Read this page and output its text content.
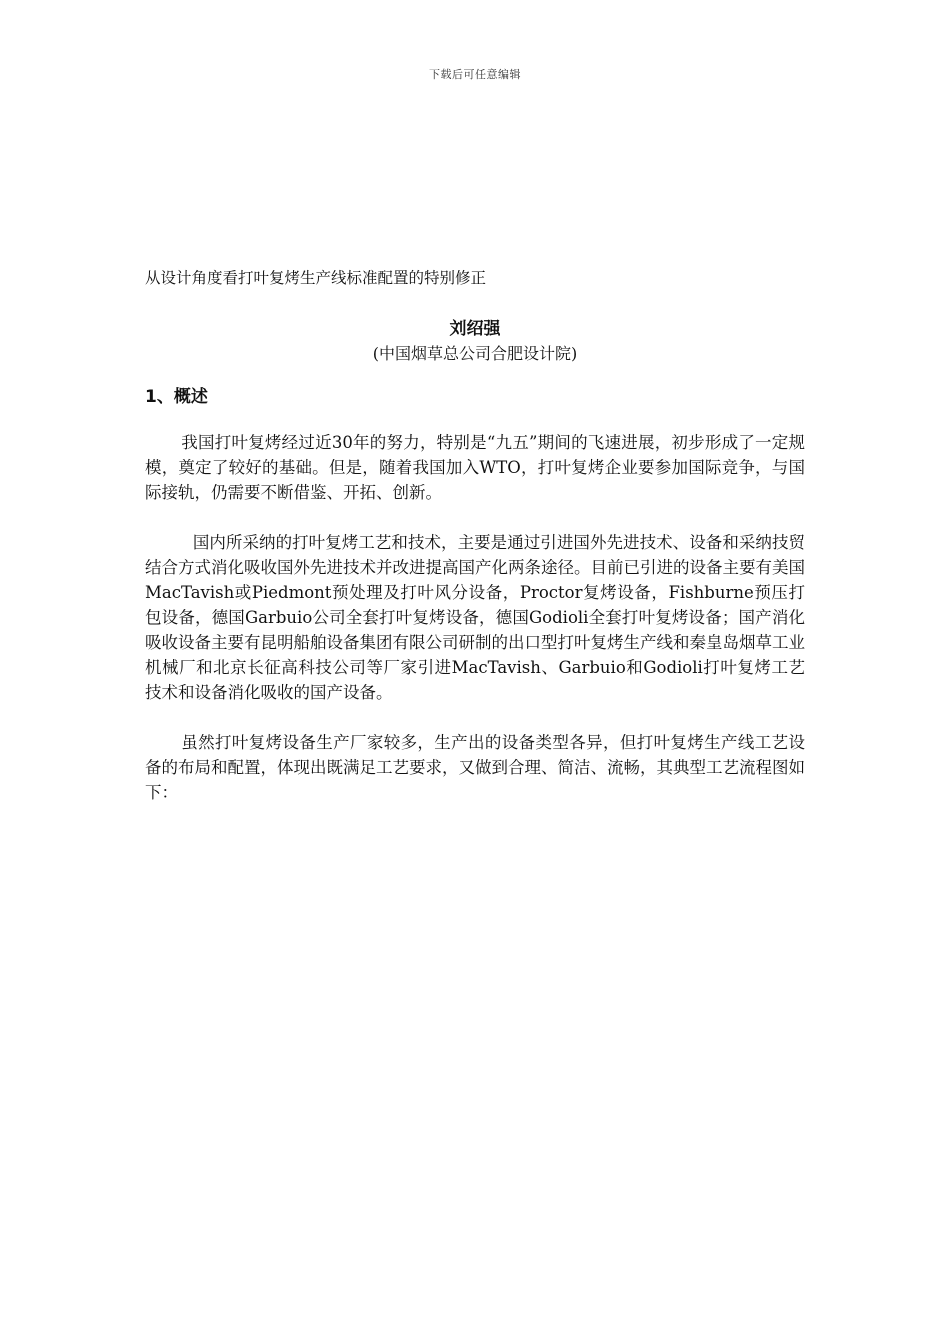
下载后可任意编辑

从设计角度看打叶复烤生产线标准配置的特别修正

刘绍强

(中国烟草总公司合肥设计院)

1、概述

我国打叶复烤经过近30年的努力，特别是“九五”期间的飞速进展，初步形成了一定规模，奠定了较好的基础。但是，随着我国加入WTO，打叶复烤企业要参加国际竞争，与国际接轨，仍需要不断借鉴、开拓、创新。

国内所采纳的打叶复烤工艺和技术，主要是通过引进国外先进技术、设备和采纳技贸结合方式消化吸收国外先进技术并改进提高国产化两条途径。目前已引进的设备主要有美国MacTavish或Piedmont预处理及打叶风分设备，Proctor复烤设备，Fishburne预压打包设备，德国Garbuio公司全套打叶复烤设备，德国Godioli全套打叶复烤设备；国产消化吸收设备主要有昆明船舶设备集团有限公司研制的出口型打叶复烤生产线和秦皇岛烟草工业机械厂和北京长征高科技公司等厂家引进MacTavish、Garbuio和Godioli打叶复烤工艺技术和设备消化吸收的国产设备。

虽然打叶复烤设备生产厂家较多，生产出的设备类型各异，但打叶复烤生产线工艺设备的布局和配置，体现出既满足工艺要求，又做到合理、简洁、流畅，其典型工艺流程图如下：
